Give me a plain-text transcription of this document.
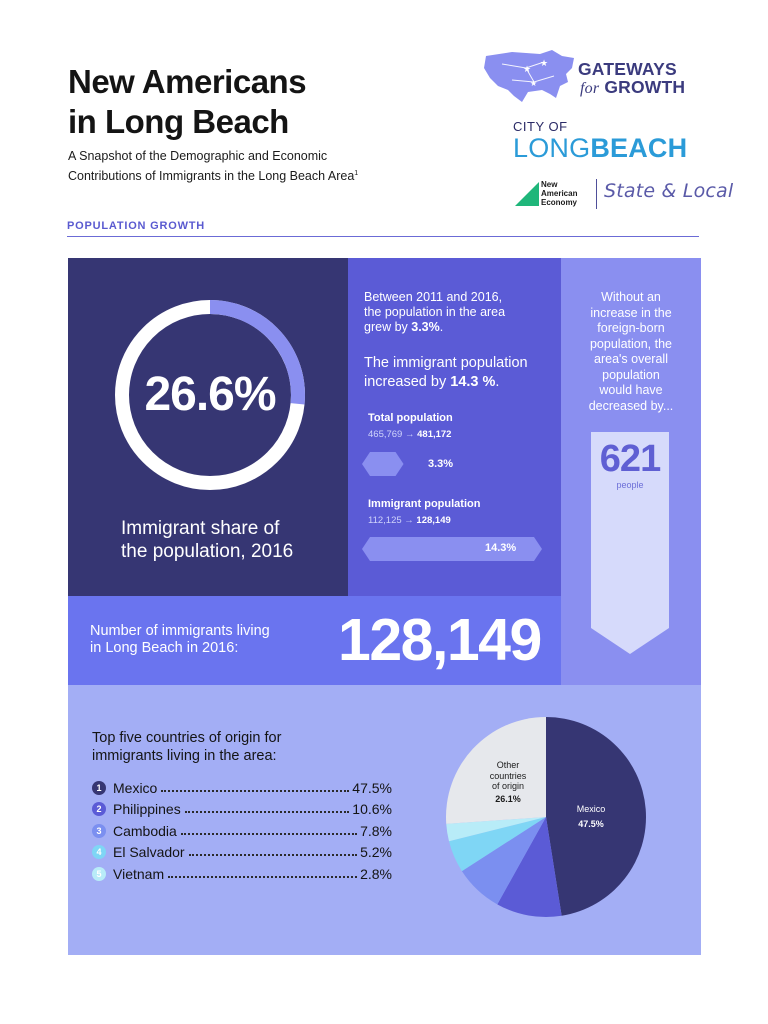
New Americans
in Long Beach
A Snapshot of the Demographic and Economic
Contributions of Immigrants in the Long Beach Area$^1$
★
★
★
GATEWAYS
for GROWTH
CITY OF
LONGBEACH
New
American
Economy
State & Local
POPULATION GROWTH
26.6%
Immigrant share of
the population, 2016
Between 2011 and 2016,
the population in the area
grew by 3.3%.
The immigrant population
increased by 14.3 %.
Total population
465,769 → 481,172
3.3%
Immigrant population
112,125 → 128,149
14.3%
Without an
increase in the
foreign-born
population, the
area's overall
population
would have
decreased by...
621
people
Number of immigrants living
in Long Beach in 2016:	128,149
Top five countries of origin for
immigrants living in the area:
1 Mexico	47.5%
2 Philippines	10.6%
3 Cambodia	7.8%
4 El Salvador	5.2%
5 Vietnam	2.8%
Other
countries
of origin
26.1%
Mexico
47.5%
